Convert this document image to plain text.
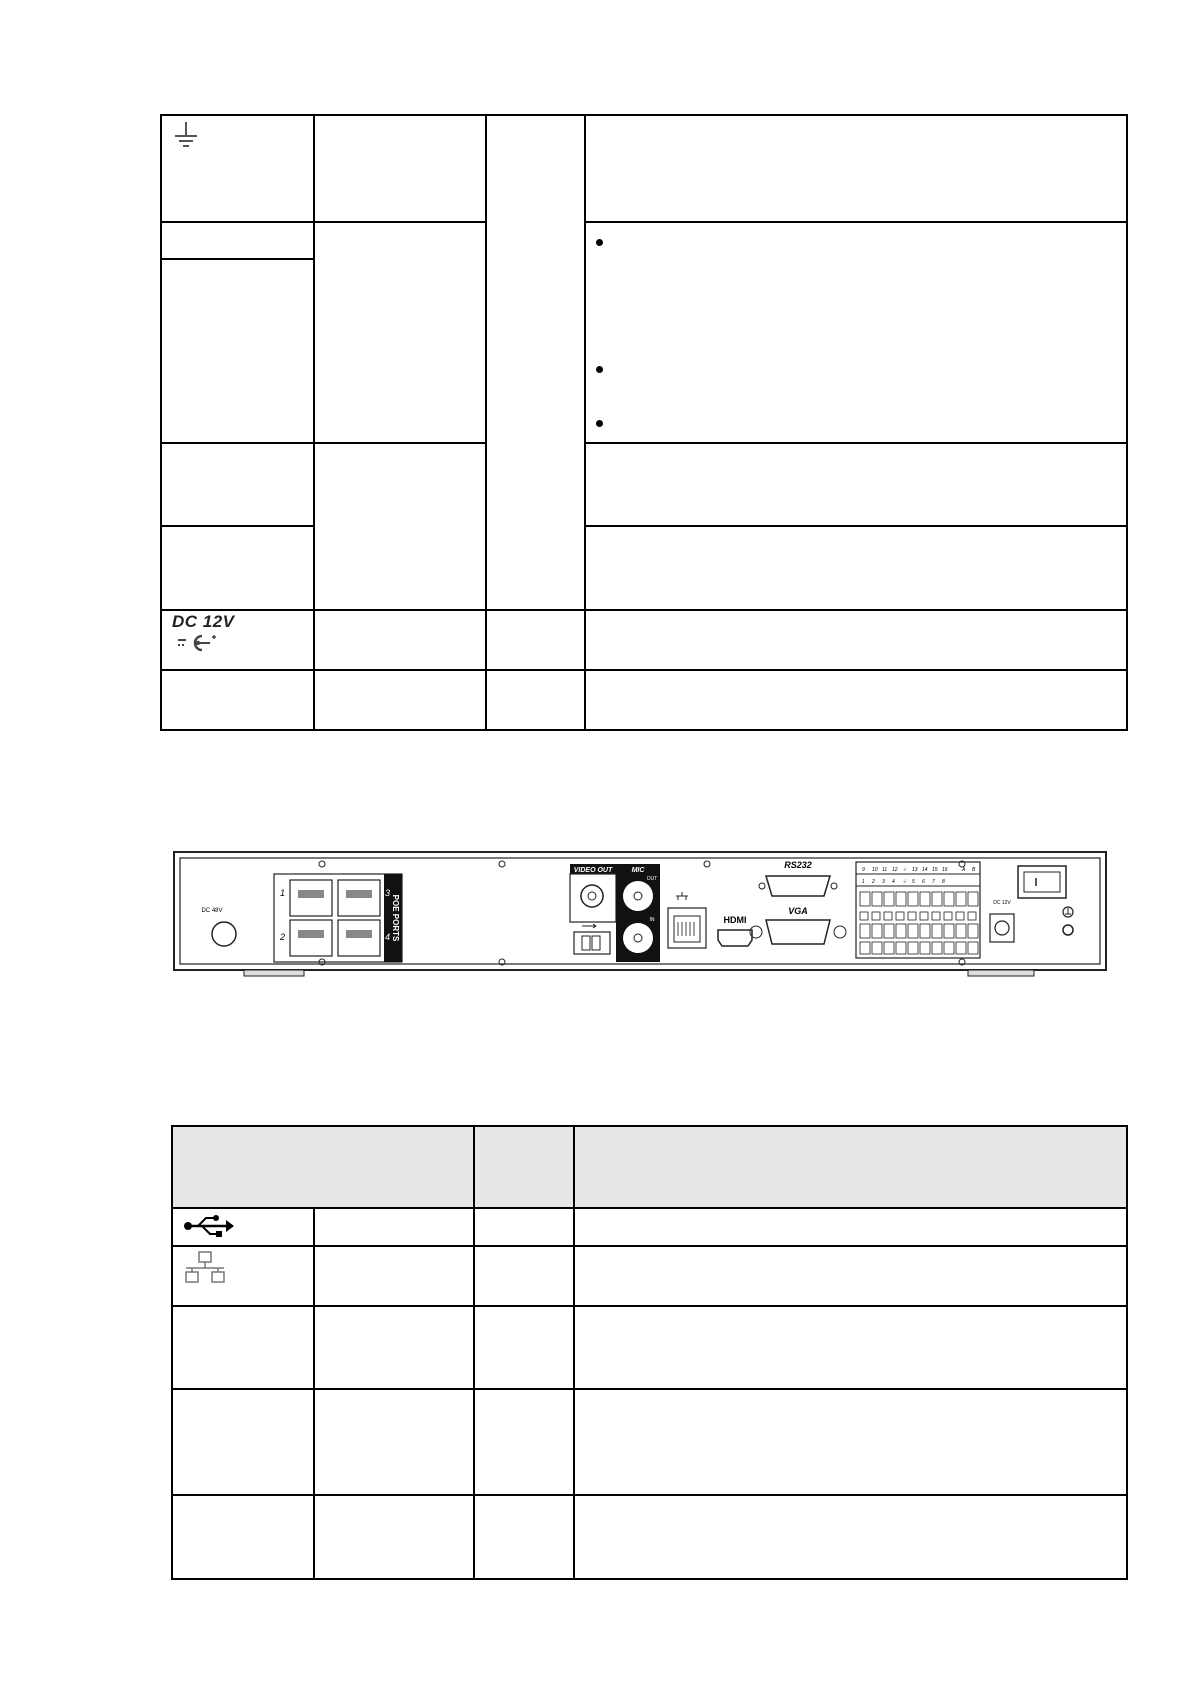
DC 12V
DC 48V	POE PORTS
1
2
3
4
VIDEO OUT	MIC
OUT
IN	HDMI
RS232
VGA
9 10 11 12 ⏚ 13 14 15 16
1 2 3 4 ⏚ 5 6 7 8
A B
DC 12V
